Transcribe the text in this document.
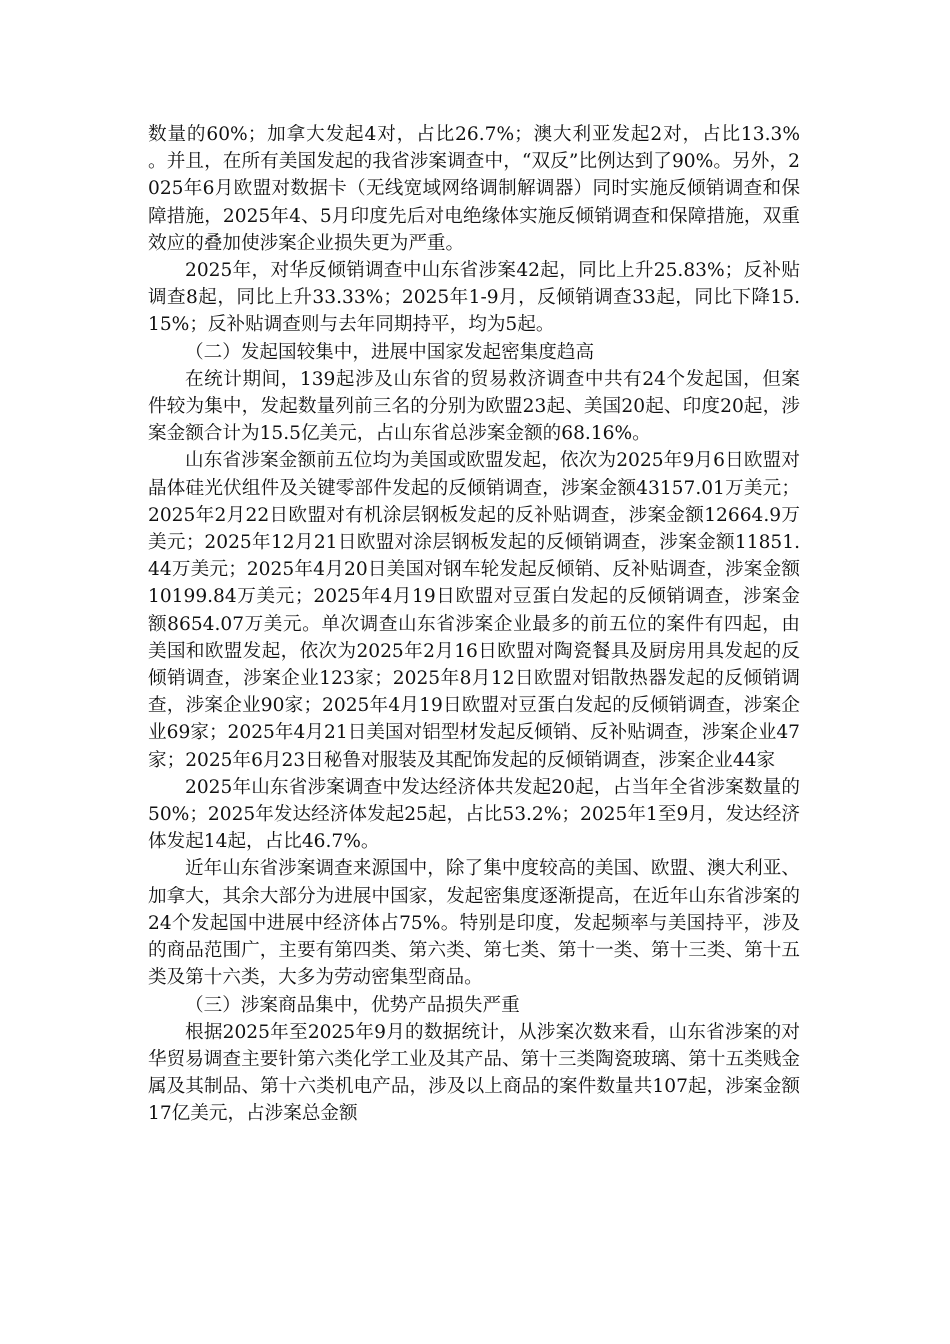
数量的60%；加拿大发起4对，占比26.7%；澳大利亚发起2对，占比13.3% 。并且，在所有美国发起的我省涉案调查中，“双反”比例达到了90%。另外，2025年6月欧盟对数据卡（无线宽域网络调制解调器）同时实施反倾销调查和保障措施，2025年4、5月印度先后对电绝缘体实施反倾销调查和保障措施，双重效应的叠加使涉案企业损失更为严重。

2025年，对华反倾销调查中山东省涉案42起，同比上升25.83%；反补贴调查8起，同比上升33.33%；2025年1-9月，反倾销调查33起，同比下降15.15%；反补贴调查则与去年同期持平，均为5起。

（二）发起国较集中，进展中国家发起密集度趋高

在统计期间，139起涉及山东省的贸易救济调查中共有24个发起国，但案件较为集中，发起数量列前三名的分别为欧盟23起、美国20起、印度20起，涉案金额合计为15.5亿美元，占山东省总涉案金额的68.16%。

山东省涉案金额前五位均为美国或欧盟发起，依次为2025年9月6日欧盟对晶体硅光伏组件及关键零部件发起的反倾销调查，涉案金额43157.01万美元；2025年2月22日欧盟对有机涂层钢板发起的反补贴调查，涉案金额12664.9万美元；2025年12月21日欧盟对涂层钢板发起的反倾销调查，涉案金额11851.44万美元；2025年4月20日美国对钢车轮发起反倾销、反补贴调查，涉案金额10199.84万美元；2025年4月19日欧盟对豆蛋白发起的反倾销调查，涉案金额8654.07万美元。单次调查山东省涉案企业最多的前五位的案件有四起，由美国和欧盟发起，依次为2025年2月16日欧盟对陶瓷餐具及厨房用具发起的反倾销调查，涉案企业123家；2025年8月12日欧盟对铝散热器发起的反倾销调查，涉案企业90家；2025年4月19日欧盟对豆蛋白发起的反倾销调查，涉案企业69家；2025年4月21日美国对铝型材发起反倾销、反补贴调查，涉案企业47家；2025年6月23日秘鲁对服装及其配饰发起的反倾销调查，涉案企业44家

2025年山东省涉案调查中发达经济体共发起20起，占当年全省涉案数量的50%；2025年发达经济体发起25起，占比53.2%；2025年1至9月，发达经济体发起14起，占比46.7%。

近年山东省涉案调查来源国中，除了集中度较高的美国、欧盟、澳大利亚、加拿大，其余大部分为进展中国家，发起密集度逐渐提高，在近年山东省涉案的24个发起国中进展中经济体占75%。特别是印度，发起频率与美国持平，涉及的商品范围广，主要有第四类、第六类、第七类、第十一类、第十三类、第十五类及第十六类，大多为劳动密集型商品。

（三）涉案商品集中，优势产品损失严重

根据2025年至2025年9月的数据统计，从涉案次数来看，山东省涉案的对华贸易调查主要针第六类化学工业及其产品、第十三类陶瓷玻璃、第十五类贱金属及其制品、第十六类机电产品，涉及以上商品的案件数量共107起，涉案金额17亿美元，占涉案总金额
